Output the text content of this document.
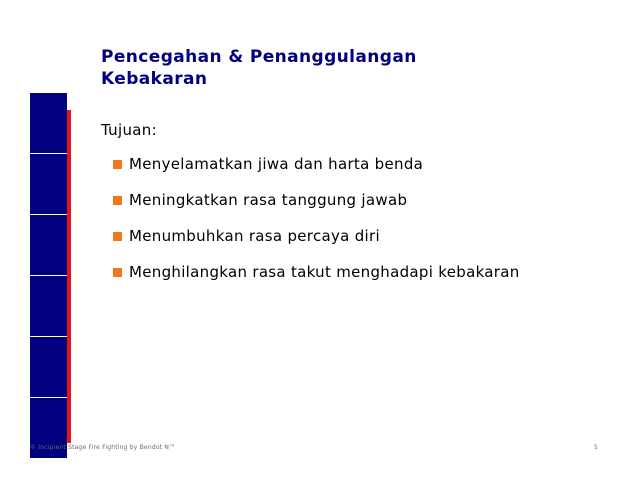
Pencegahan & Penanggulangan
Kebakaran
Tujuan:
Menyelamatkan jiwa dan harta benda
Meningkatkan rasa tanggung jawab
Menumbuhkan rasa percaya diri
Menghilangkan rasa takut menghadapi kebakaran
© Incipient Stage Fire Fighting by Bendot N™	5
